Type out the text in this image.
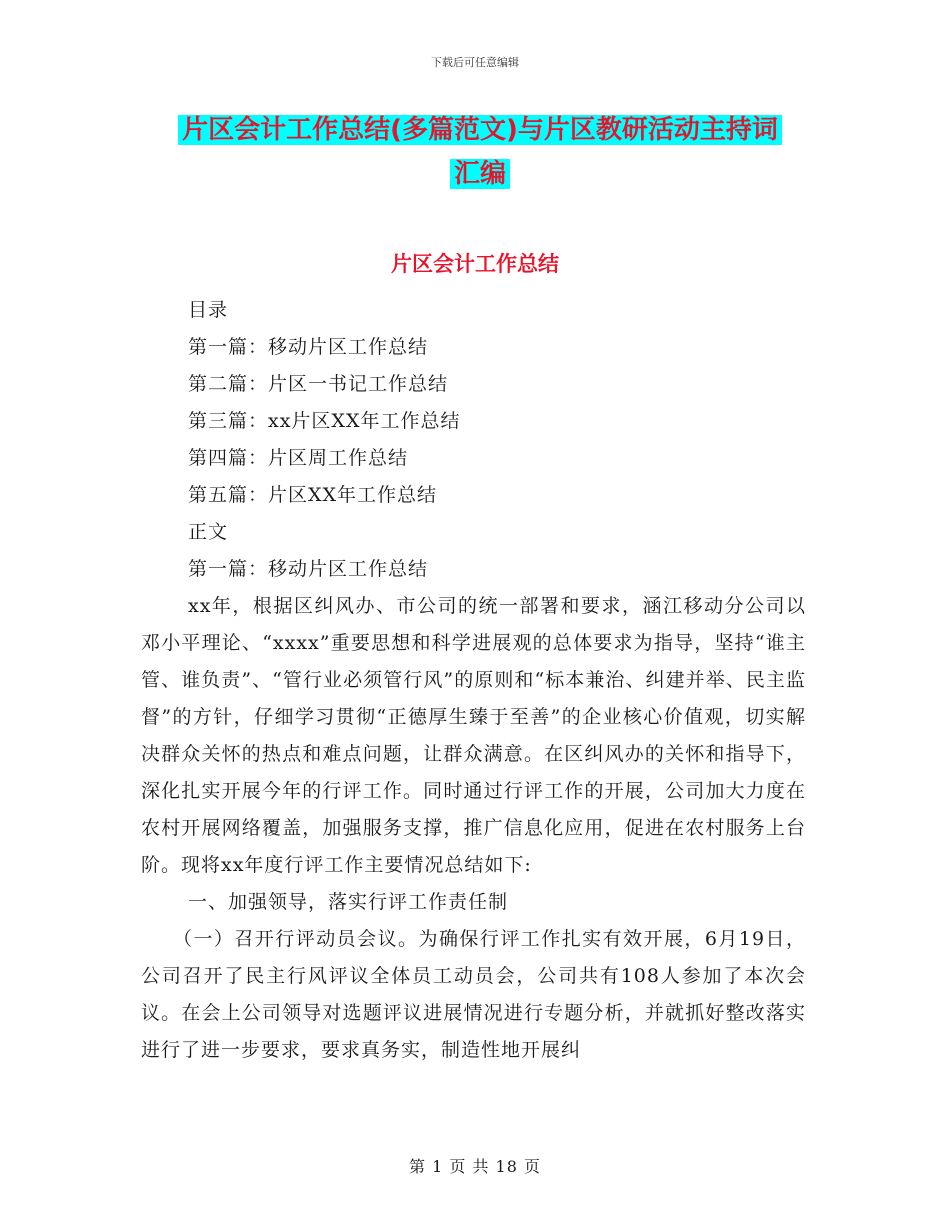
下载后可任意编辑
片区会计工作总结(多篇范文)与片区教研活动主持词
汇编
片区会计工作总结

目录

第一篇：移动片区工作总结

第二篇：片区一书记工作总结

第三篇：xx片区XX年工作总结

第四篇：片区周工作总结

第五篇：片区XX年工作总结

正文

第一篇：移动片区工作总结

xx年，根据区纠风办、市公司的统一部署和要求，涵江移动分公司以邓小平理论、“xxxx”重要思想和科学进展观的总体要求为指导，坚持“谁主管、谁负责”、“管行业必须管行风”的原则和“标本兼治、纠建并举、民主监督”的方针，仔细学习贯彻“正德厚生臻于至善”的企业核心价值观，切实解决群众关怀的热点和难点问题，让群众满意。在区纠风办的关怀和指导下，深化扎实开展今年的行评工作。同时通过行评工作的开展，公司加大力度在农村开展网络覆盖，加强服务支撑，推广信息化应用，促进在农村服务上台阶。现将xx年度行评工作主要情况总结如下:

一、加强领导，落实行评工作责任制

（一）召开行评动员会议。为确保行评工作扎实有效开展，6月19日，公司召开了民主行风评议全体员工动员会，公司共有108人参加了本次会议。在会上公司领导对选题评议进展情况进行专题分析，并就抓好整改落实进行了进一步要求，要求真务实，制造性地开展纠

第 1 页 共 18 页
